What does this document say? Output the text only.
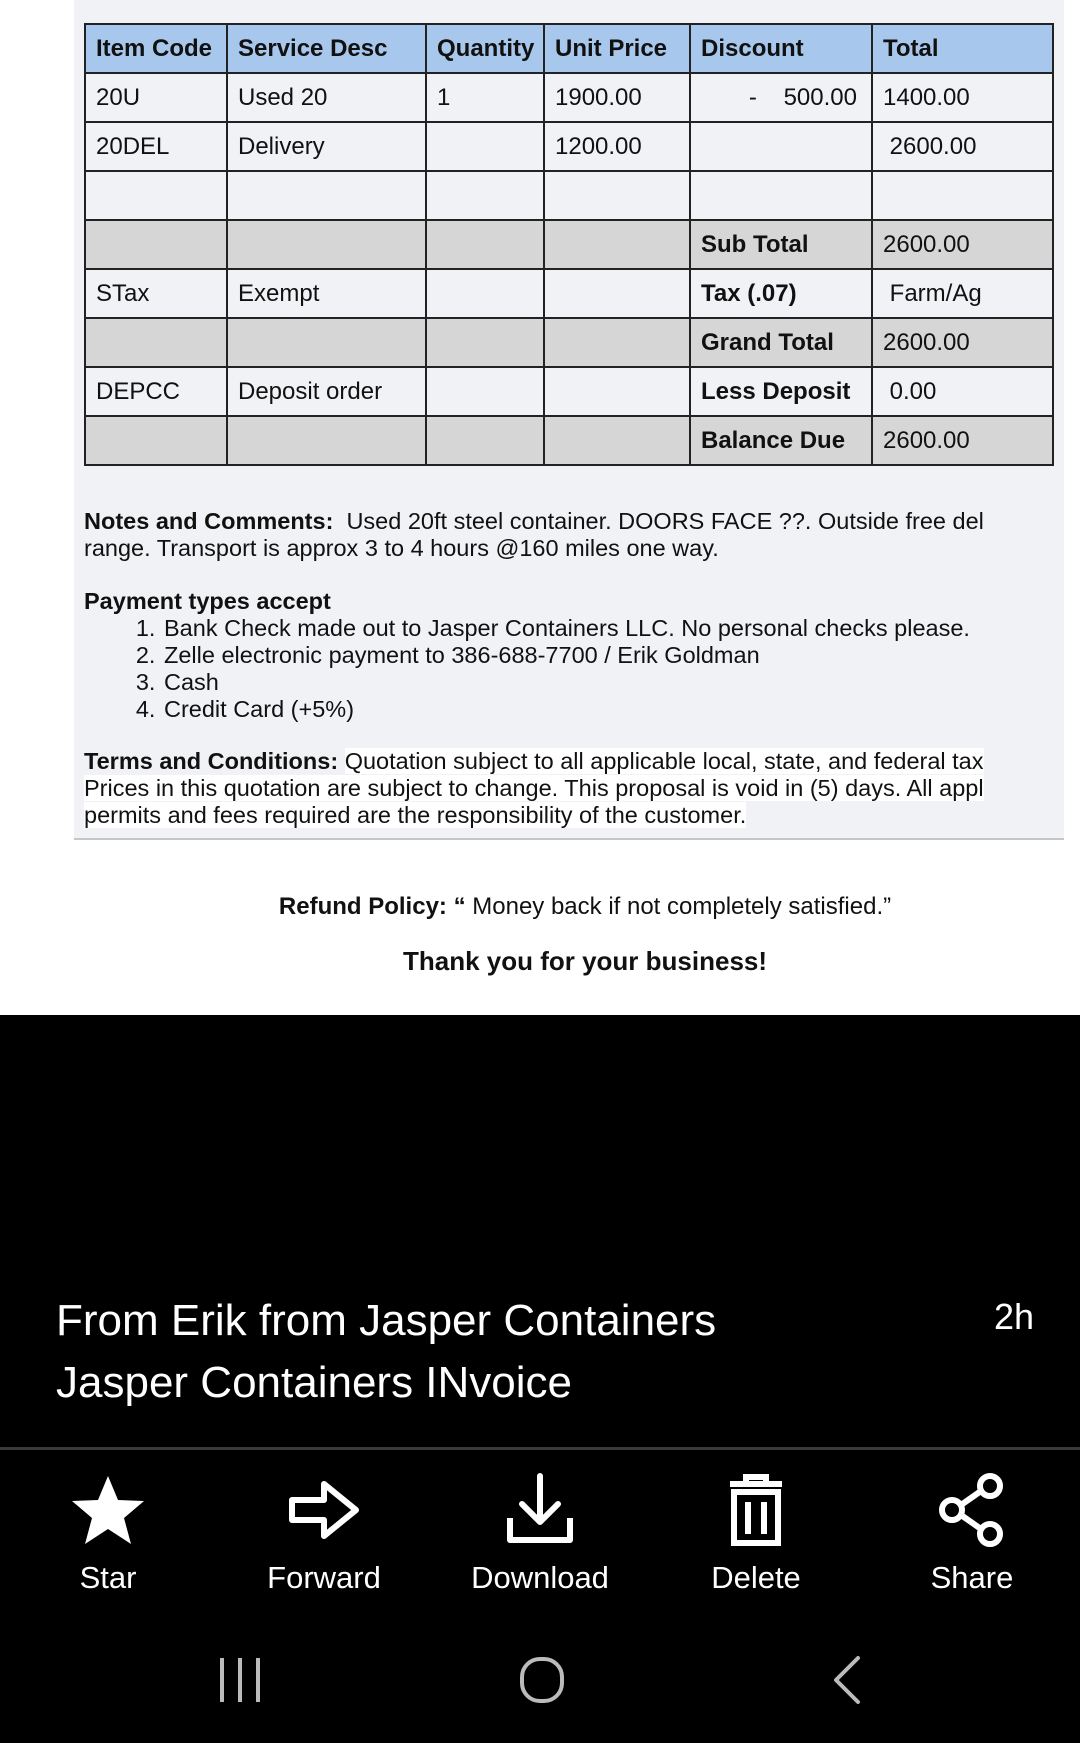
Item Code	Service Desc	Quantity	Unit Price	Discount	Total
20U	Used 20	1	1900.00	-    500.00	1400.00
20DEL	Delivery		1200.00		2600.00

				Sub Total	2600.00
STax	Exempt			Tax (.07)	Farm/Ag
				Grand Total	2600.00
DEPCC	Deposit order			Less Deposit	0.00
				Balance Due	2600.00
Notes and Comments: Used 20ft steel container. DOORS FACE ??. Outside free del
range. Transport is approx 3 to 4 hours @160 miles one way.
Payment types accept
1. Bank Check made out to Jasper Containers LLC. No personal checks please.
2. Zelle electronic payment to 386-688-7700 / Erik Goldman
3. Cash
4. Credit Card (+5%)
Terms and Conditions: Quotation subject to all applicable local, state, and federal tax
Prices in this quotation are subject to change. This proposal is void in (5) days. All appl
permits and fees required are the responsibility of the customer.
Refund Policy: “ Money back if not completely satisfied.”
Thank you for your business!
From Erik from Jasper Containers
Jasper Containers INvoice
2h
Star	Forward	Download	Delete	Share
